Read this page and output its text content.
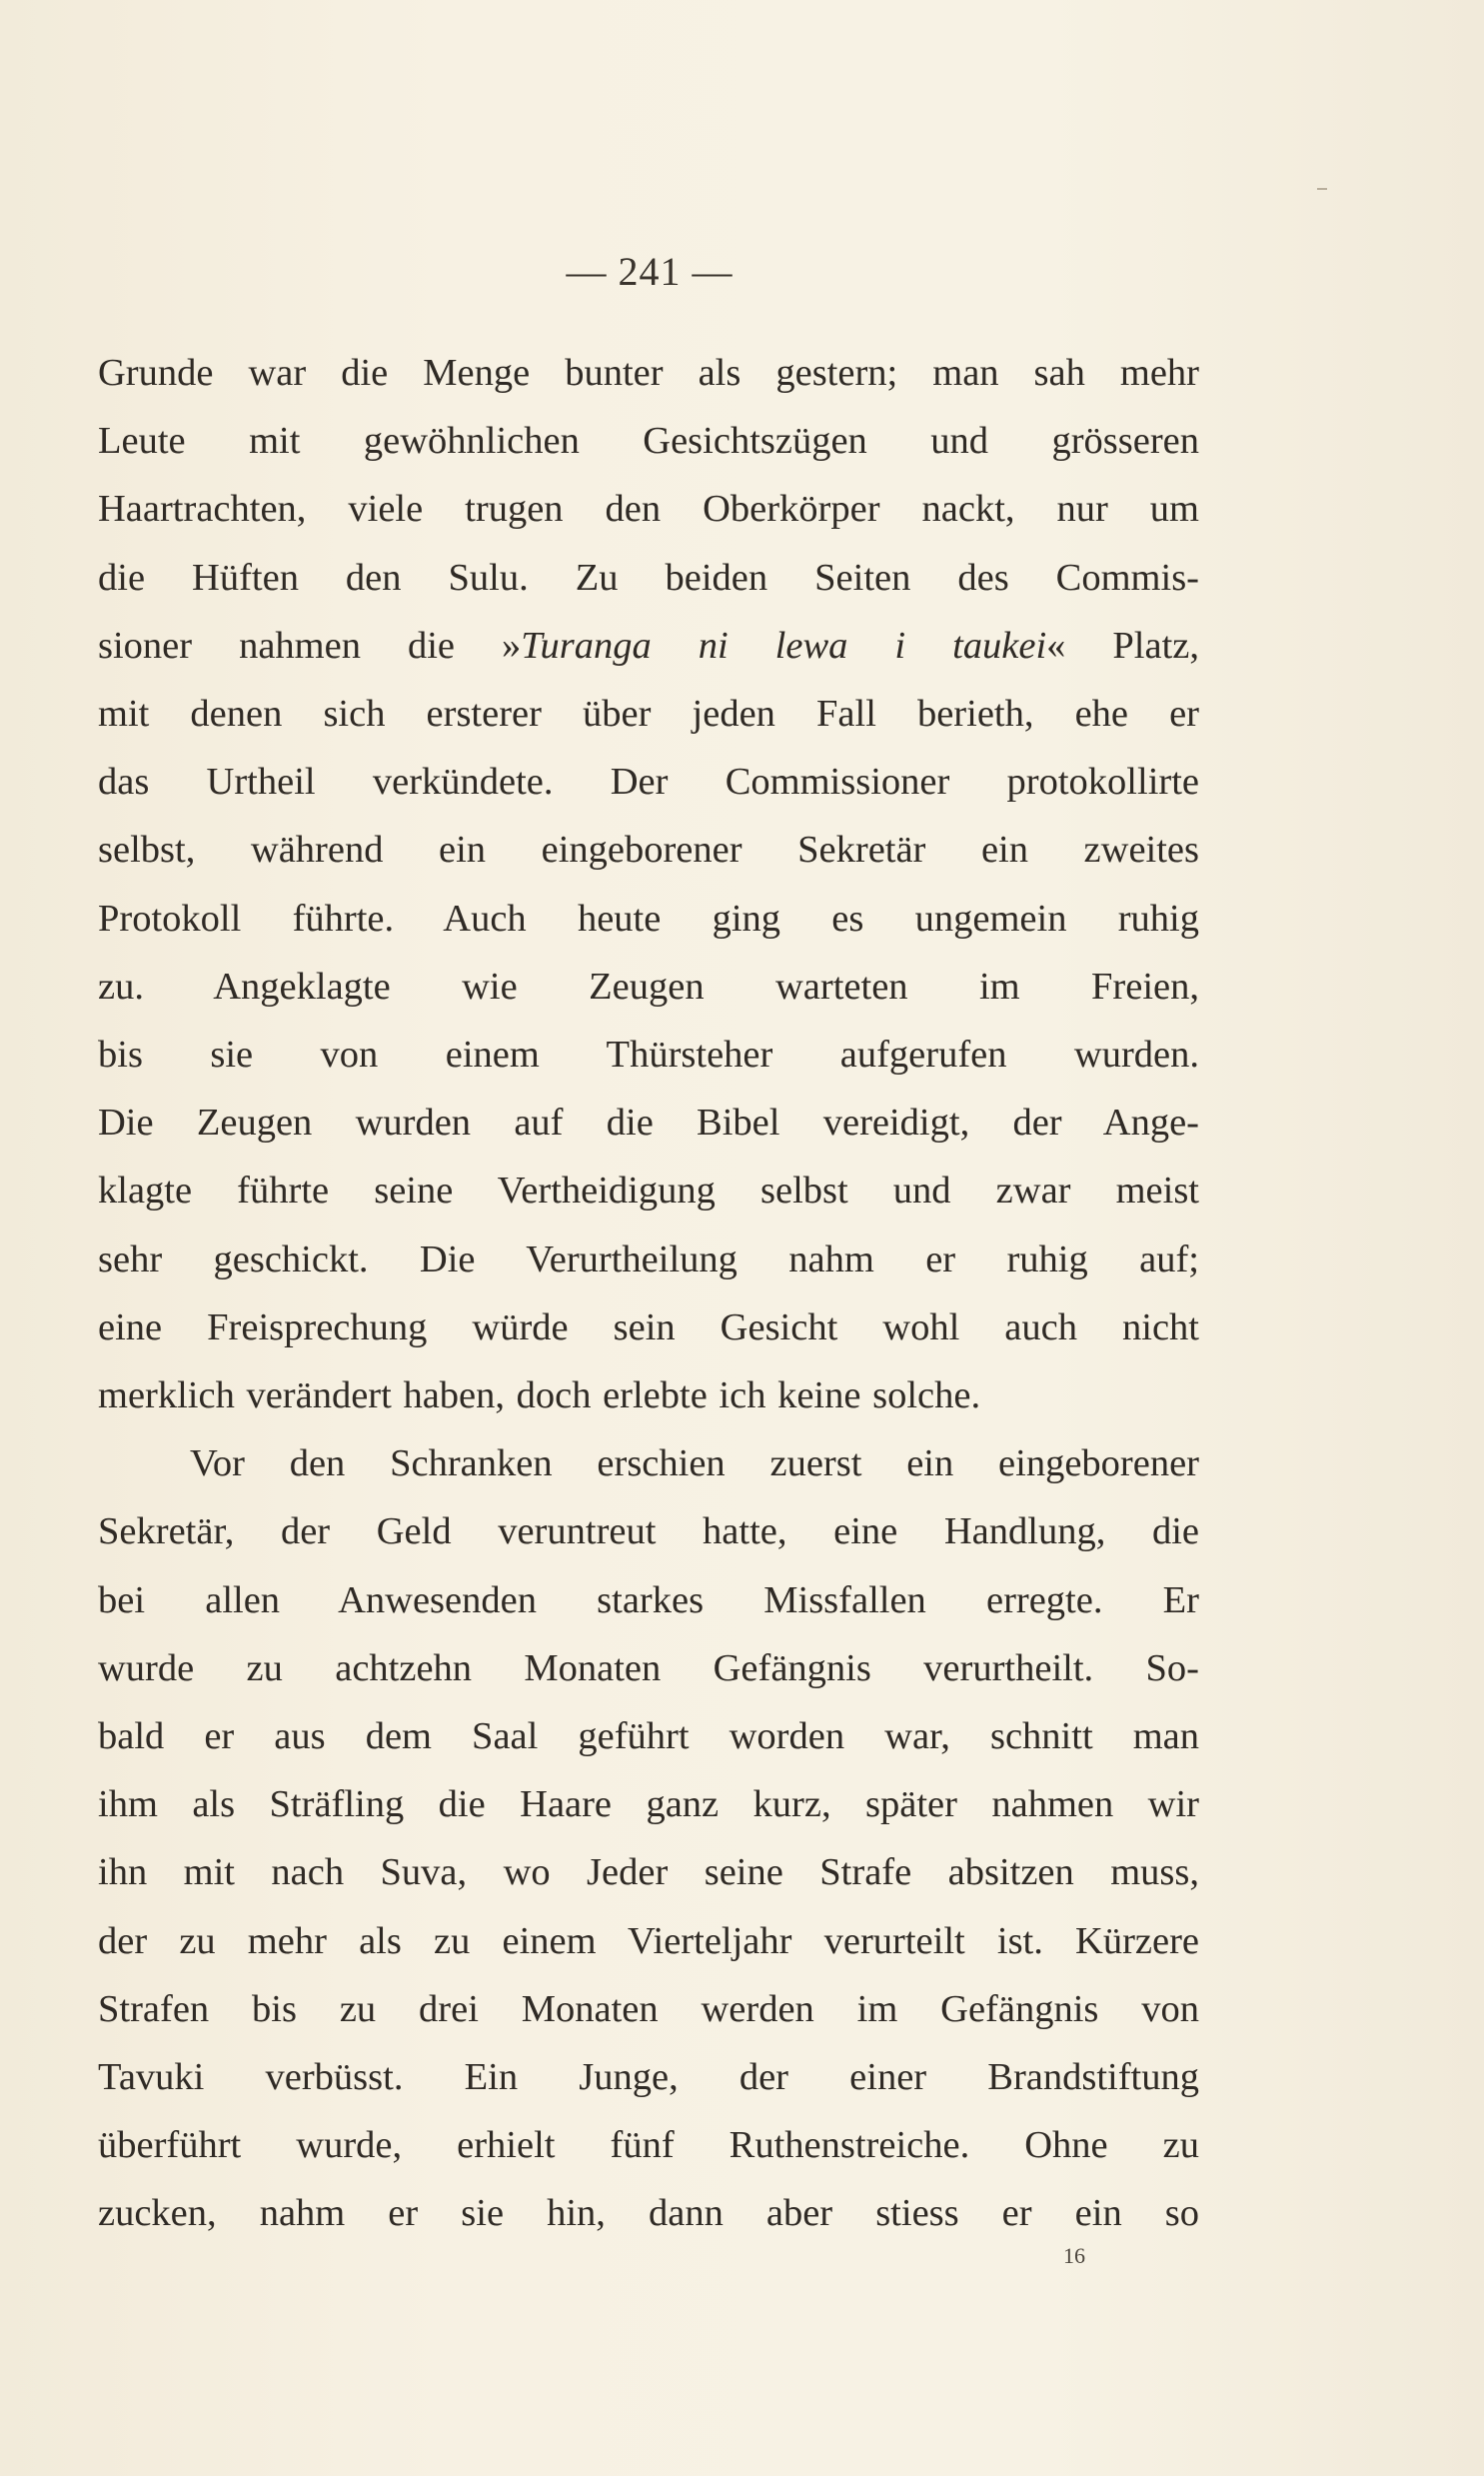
— 241 —
Grunde war die Menge bunter als gestern; man sah mehr
Leute mit gewöhnlichen Gesichtszügen und grösseren
Haartrachten, viele trugen den Oberkörper nackt, nur um
die Hüften den Sulu. Zu beiden Seiten des Commis-
sioner nahmen die »Turanga ni lewa i taukei« Platz,
mit denen sich ersterer über jeden Fall berieth, ehe er
das Urtheil verkündete. Der Commissioner protokollirte
selbst, während ein eingeborener Sekretär ein zweites
Protokoll führte. Auch heute ging es ungemein ruhig
zu. Angeklagte wie Zeugen warteten im Freien,
bis sie von einem Thürsteher aufgerufen wurden.
Die Zeugen wurden auf die Bibel vereidigt, der Ange-
klagte führte seine Vertheidigung selbst und zwar meist
sehr geschickt. Die Verurtheilung nahm er ruhig auf;
eine Freisprechung würde sein Gesicht wohl auch nicht
merklich verändert haben, doch erlebte ich keine solche.
Vor den Schranken erschien zuerst ein eingeborener
Sekretär, der Geld veruntreut hatte, eine Handlung, die
bei allen Anwesenden starkes Missfallen erregte. Er
wurde zu achtzehn Monaten Gefängnis verurtheilt. So-
bald er aus dem Saal geführt worden war, schnitt man
ihm als Sträfling die Haare ganz kurz, später nahmen wir
ihn mit nach Suva, wo Jeder seine Strafe absitzen muss,
der zu mehr als zu einem Vierteljahr verurteilt ist. Kürzere
Strafen bis zu drei Monaten werden im Gefängnis von
Tavuki verbüsst. Ein Junge, der einer Brandstiftung
überführt wurde, erhielt fünf Ruthenstreiche. Ohne zu
zucken, nahm er sie hin, dann aber stiess er ein so
16
